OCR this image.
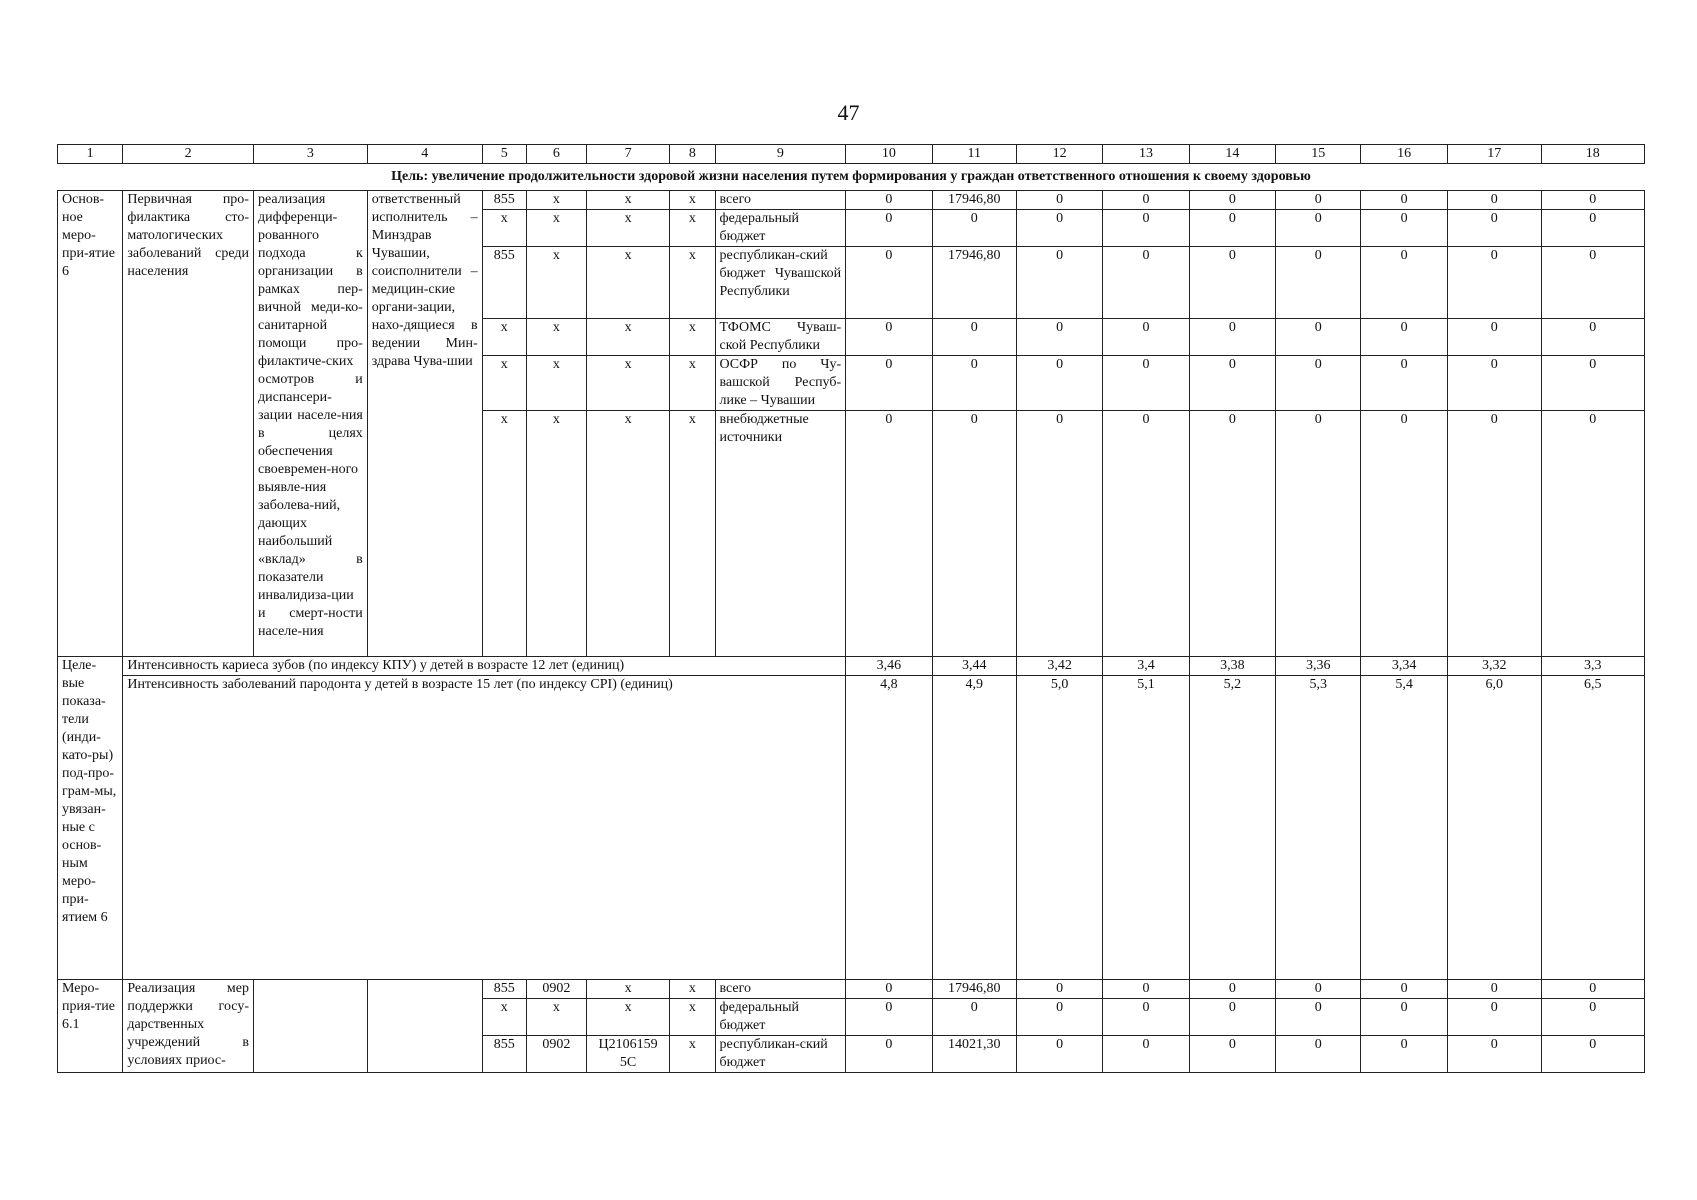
47
1	2	3	4	5	6	7	8	9	10	11	12	13	14	15	16	17	18
Цель: увеличение продолжительности здоровой жизни населения путем формирования у граждан ответственного отношения к своему здоровью																	
Основ-ное меро-при-ятие 6	Первичная про-филактика сто-матологических заболеваний среди населения	реализация дифференци-рованного подхода к организации в рамках пер-вичной меди-ко-санитарной помощи про-филактиче-ских осмотров и диспансери-зации населе-ния в целях обеспечения своевремен-ного выявле-ния заболева-ний, дающих наибольший «вклад» в показатели инвалидиза-ции и смерт-ности населе-ния	ответственный исполнитель – Минздрав Чувашии, соисполнители – медицин-ские органи-зации, нахо-дящиеся в ведении Мин-здрава Чува-шии	855	х	х	х	всего	0	17946,80	0	0	0	0	0	0	0
				х	х	х	х	федеральный бюджет	0	0	0	0	0	0	0	0	0
				855	х	х	х	республикан-ский бюджет Чувашской Республики	0	17946,80	0	0	0	0	0	0	0
				х	х	х	х	ТФОМС Чуваш-ской Республики	0	0	0	0	0	0	0	0	0
				х	х	х	х	ОСФР по Чу-вашской Респуб-лике – Чувашии	0	0	0	0	0	0	0	0	0
				х	х	х	х	внебюджетные источники	0	0	0	0	0	0	0	0	0
Целе-вые показа-тели (инди-като-ры) под-про-грам-мы, увязан-ные с основ-ным меро-при-ятием 6	Интенсивность кариеса зубов (по индексу КПУ) у детей в возрасте 12 лет (единиц)								3,46	3,44	3,42	3,4	3,38	3,36	3,34	3,32	3,3
	Интенсивность заболеваний пародонта у детей в возрасте 15 лет (по индексу CPI) (единиц)								4,8	4,9	5,0	5,1	5,2	5,3	5,4	6,0	6,5
Меро-прия-тие 6.1	Реализация мер поддержки госу-дарственных учреждений в условиях приос-			855	0902	х	х	всего	0	17946,80	0	0	0	0	0	0	0
				х	х	х	х	федеральный бюджет	0	0	0	0	0	0	0	0	0
				855	0902	Ц2106159 5С	х	республикан-ский бюджет	0	14021,30	0	0	0	0	0	0	0
